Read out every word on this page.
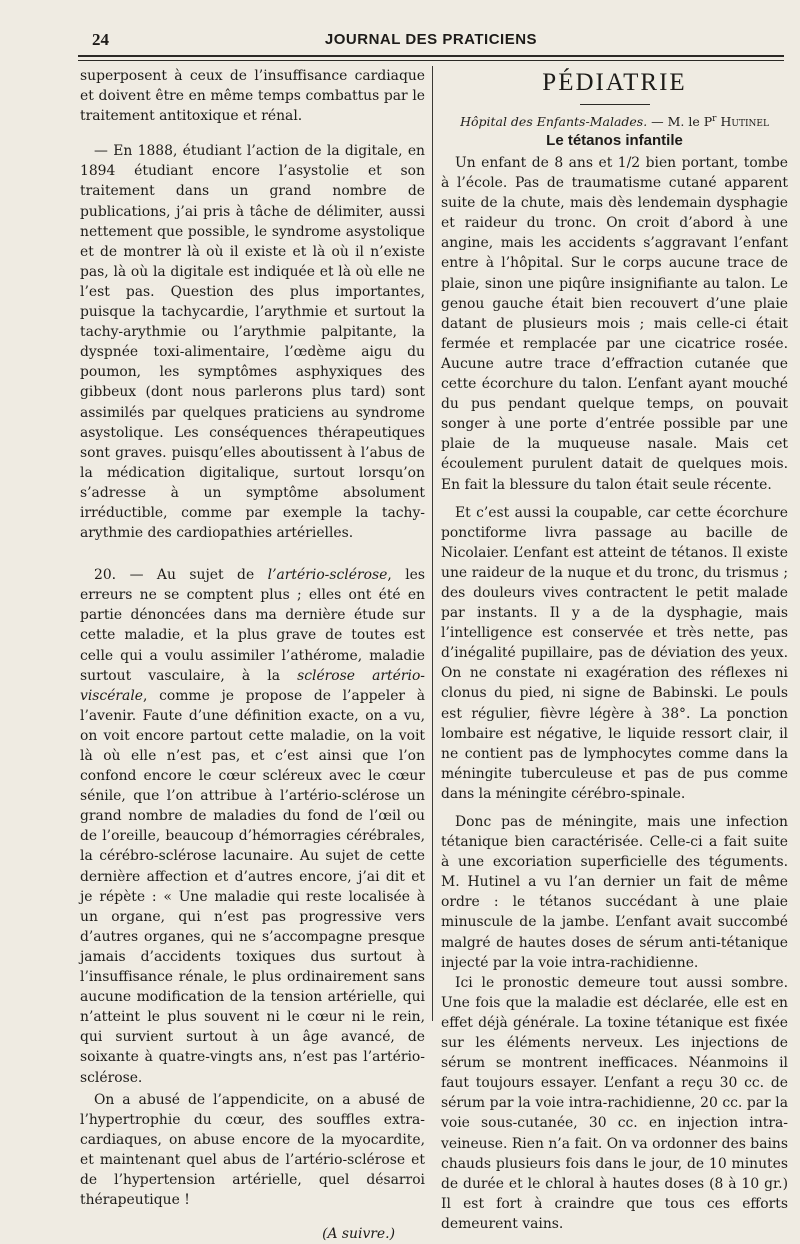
24	JOURNAL DES PRATICIENS

superposent à ceux de l’insuffisance cardiaque et doivent être en même temps combattus par le traitement antitoxique et rénal.

— En 1888, étudiant l’action de la digitale, en 1894 étudiant encore l’asystolie et son traitement dans un grand nombre de publications, j’ai pris à tâche de délimiter, aussi nettement que possible, le syndrome asystolique et de montrer là où il existe et là où il n’existe pas, là où la digitale est indiquée et là où elle ne l’est pas. Question des plus importantes, puisque la tachycardie, l’arythmie et surtout la tachy-arythmie ou l’arythmie palpitante, la dyspnée toxi-alimentaire, l’œdème aigu du poumon, les symptômes asphyxiques des gibbeux (dont nous parlerons plus tard) sont assimilés par quelques praticiens au syndrome asystolique. Les conséquences thérapeutiques sont graves. puisqu’elles aboutissent à l’abus de la médication digitalique, surtout lorsqu’on s’adresse à un symptôme absolument irréductible, comme par exemple la tachy-arythmie des cardiopathies artérielles.

20. — Au sujet de l’artério-sclérose, les erreurs ne se comptent plus ; elles ont été en partie dénoncées dans ma dernière étude sur cette maladie, et la plus grave de toutes est celle qui a voulu assimiler l’athérome, maladie surtout vasculaire, à la sclérose artério-viscérale, comme je propose de l’appeler à l’avenir. Faute d’une définition exacte, on a vu, on voit encore partout cette maladie, on la voit là où elle n’est pas, et c’est ainsi que l’on confond encore le cœur scléreux avec le cœur sénile, que l’on attribue à l’artério-sclérose un grand nombre de maladies du fond de l’œil ou de l’oreille, beaucoup d’hémorragies cérébrales, la cérébro-sclérose lacunaire. Au sujet de cette dernière affection et d’autres encore, j’ai dit et je répète : « Une maladie qui reste localisée à un organe, qui n’est pas progressive vers d’autres organes, qui ne s’accompagne presque jamais d’accidents toxiques dus surtout à l’insuffisance rénale, le plus ordinairement sans aucune modification de la tension artérielle, qui n’atteint le plus souvent ni le cœur ni le rein, qui survient surtout à un âge avancé, de soixante à quatre-vingts ans, n’est pas l’artério-sclérose.

On a abusé de l’appendicite, on a abusé de l’hypertrophie du cœur, des souffles extra-cardiaques, on abuse encore de la myocardite, et maintenant quel abus de l’artério-sclérose et de l’hypertension artérielle, quel désarroi thérapeutique !

(A suivre.)
PÉDIATRIE
Hôpital des Enfants-Malades. — M. le $P^r$ Hutinel
Le tétanos infantile

Un enfant de 8 ans et 1/2 bien portant, tombe à l’école. Pas de traumatisme cutané apparent suite de la chute, mais dès lendemain dysphagie et raideur du tronc. On croit d’abord à une angine, mais les accidents s’aggravant l’enfant entre à l’hôpital. Sur le corps aucune trace de plaie, sinon une piqûre insignifiante au talon. Le genou gauche était bien recouvert d’une plaie datant de plusieurs mois ; mais celle-ci était fermée et remplacée par une cicatrice rosée. Aucune autre trace d’effraction cutanée que cette écorchure du talon. L’enfant ayant mouché du pus pendant quelque temps, on pouvait songer à une porte d’entrée possible par une plaie de la muqueuse nasale. Mais cet écoulement purulent datait de quelques mois. En fait la blessure du talon était seule récente.

Et c’est aussi la coupable, car cette écorchure ponctiforme livra passage au bacille de Nicolaier. L’enfant est atteint de tétanos. Il existe une raideur de la nuque et du tronc, du trismus ; des douleurs vives contractent le petit malade par instants. Il y a de la dysphagie, mais l’intelligence est conservée et très nette, pas d’inégalité pupillaire, pas de déviation des yeux. On ne constate ni exagération des réflexes ni clonus du pied, ni signe de Babinski. Le pouls est régulier, fièvre légère à 38°. La ponction lombaire est négative, le liquide ressort clair, il ne contient pas de lymphocytes comme dans la méningite tuberculeuse et pas de pus comme dans la méningite cérébro-spinale.

Donc pas de méningite, mais une infection tétanique bien caractérisée. Celle-ci a fait suite à une excoriation superficielle des téguments. M. Hutinel a vu l’an dernier un fait de même ordre : le tétanos succédant à une plaie minuscule de la jambe. L’enfant avait succombé malgré de hautes doses de sérum anti-tétanique injecté par la voie intra-rachidienne.

Ici le pronostic demeure tout aussi sombre. Une fois que la maladie est déclarée, elle est en effet déjà générale. La toxine tétanique est fixée sur les éléments nerveux. Les injections de sérum se montrent inefficaces. Néanmoins il faut toujours essayer. L’enfant a reçu 30 cc. de sérum par la voie intra-rachidienne, 20 cc. par la voie sous-cutanée, 30 cc. en injection intra-veineuse. Rien n’a fait. On va ordonner des bains chauds plusieurs fois dans le jour, de 10 minutes de durée et le chloral à hautes doses (8 à 10 gr.) Il est fort à craindre que tous ces efforts demeurent vains.
